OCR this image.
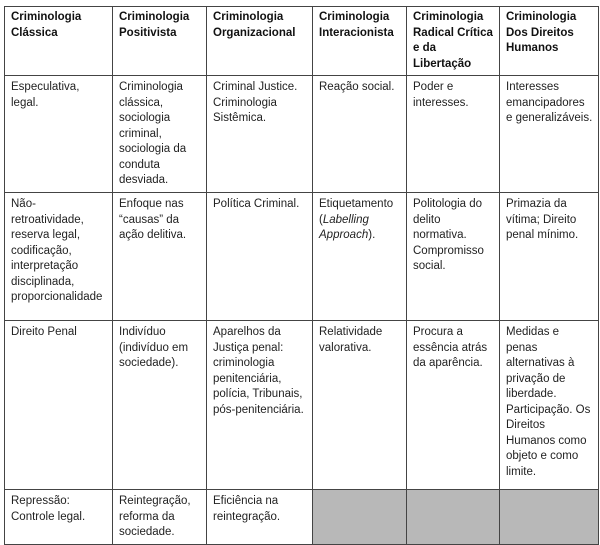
Criminologia Clássica	Criminologia Positivista	Criminologia Organizacional	Criminologia Interacionista	Criminologia Radical Crítica e da Libertação	Criminologia Dos Direitos Humanos
Especulativa, legal.	Criminologia clássica, sociologia criminal, sociologia da conduta desviada.	Criminal Justice. Criminologia Sistêmica.	Reação social.	Poder e interesses.	Interesses emancipadores e generalizáveis.
Não-retroatividade, reserva legal, codificação, interpretação disciplinada, proporcionalidade	Enfoque nas “causas” da ação delitiva.	Política Criminal.	Etiquetamento (Labelling Approach).	Politologia do delito normativa. Compromisso social.	Primazia da vítima; Direito penal mínimo.
Direito Penal	Indivíduo (indivíduo em sociedade).	Aparelhos da Justiça penal: criminologia penitenciária, polícia, Tribunais, pós-penitenciária.	Relatividade valorativa.	Procura a essência atrás da aparência.	Medidas e penas alternativas à privação de liberdade. Participação. Os Direitos Humanos como objeto e como limite.
Repressão: Controle legal.	Reintegração, reforma da sociedade.	Eficiência na reintegração.			
